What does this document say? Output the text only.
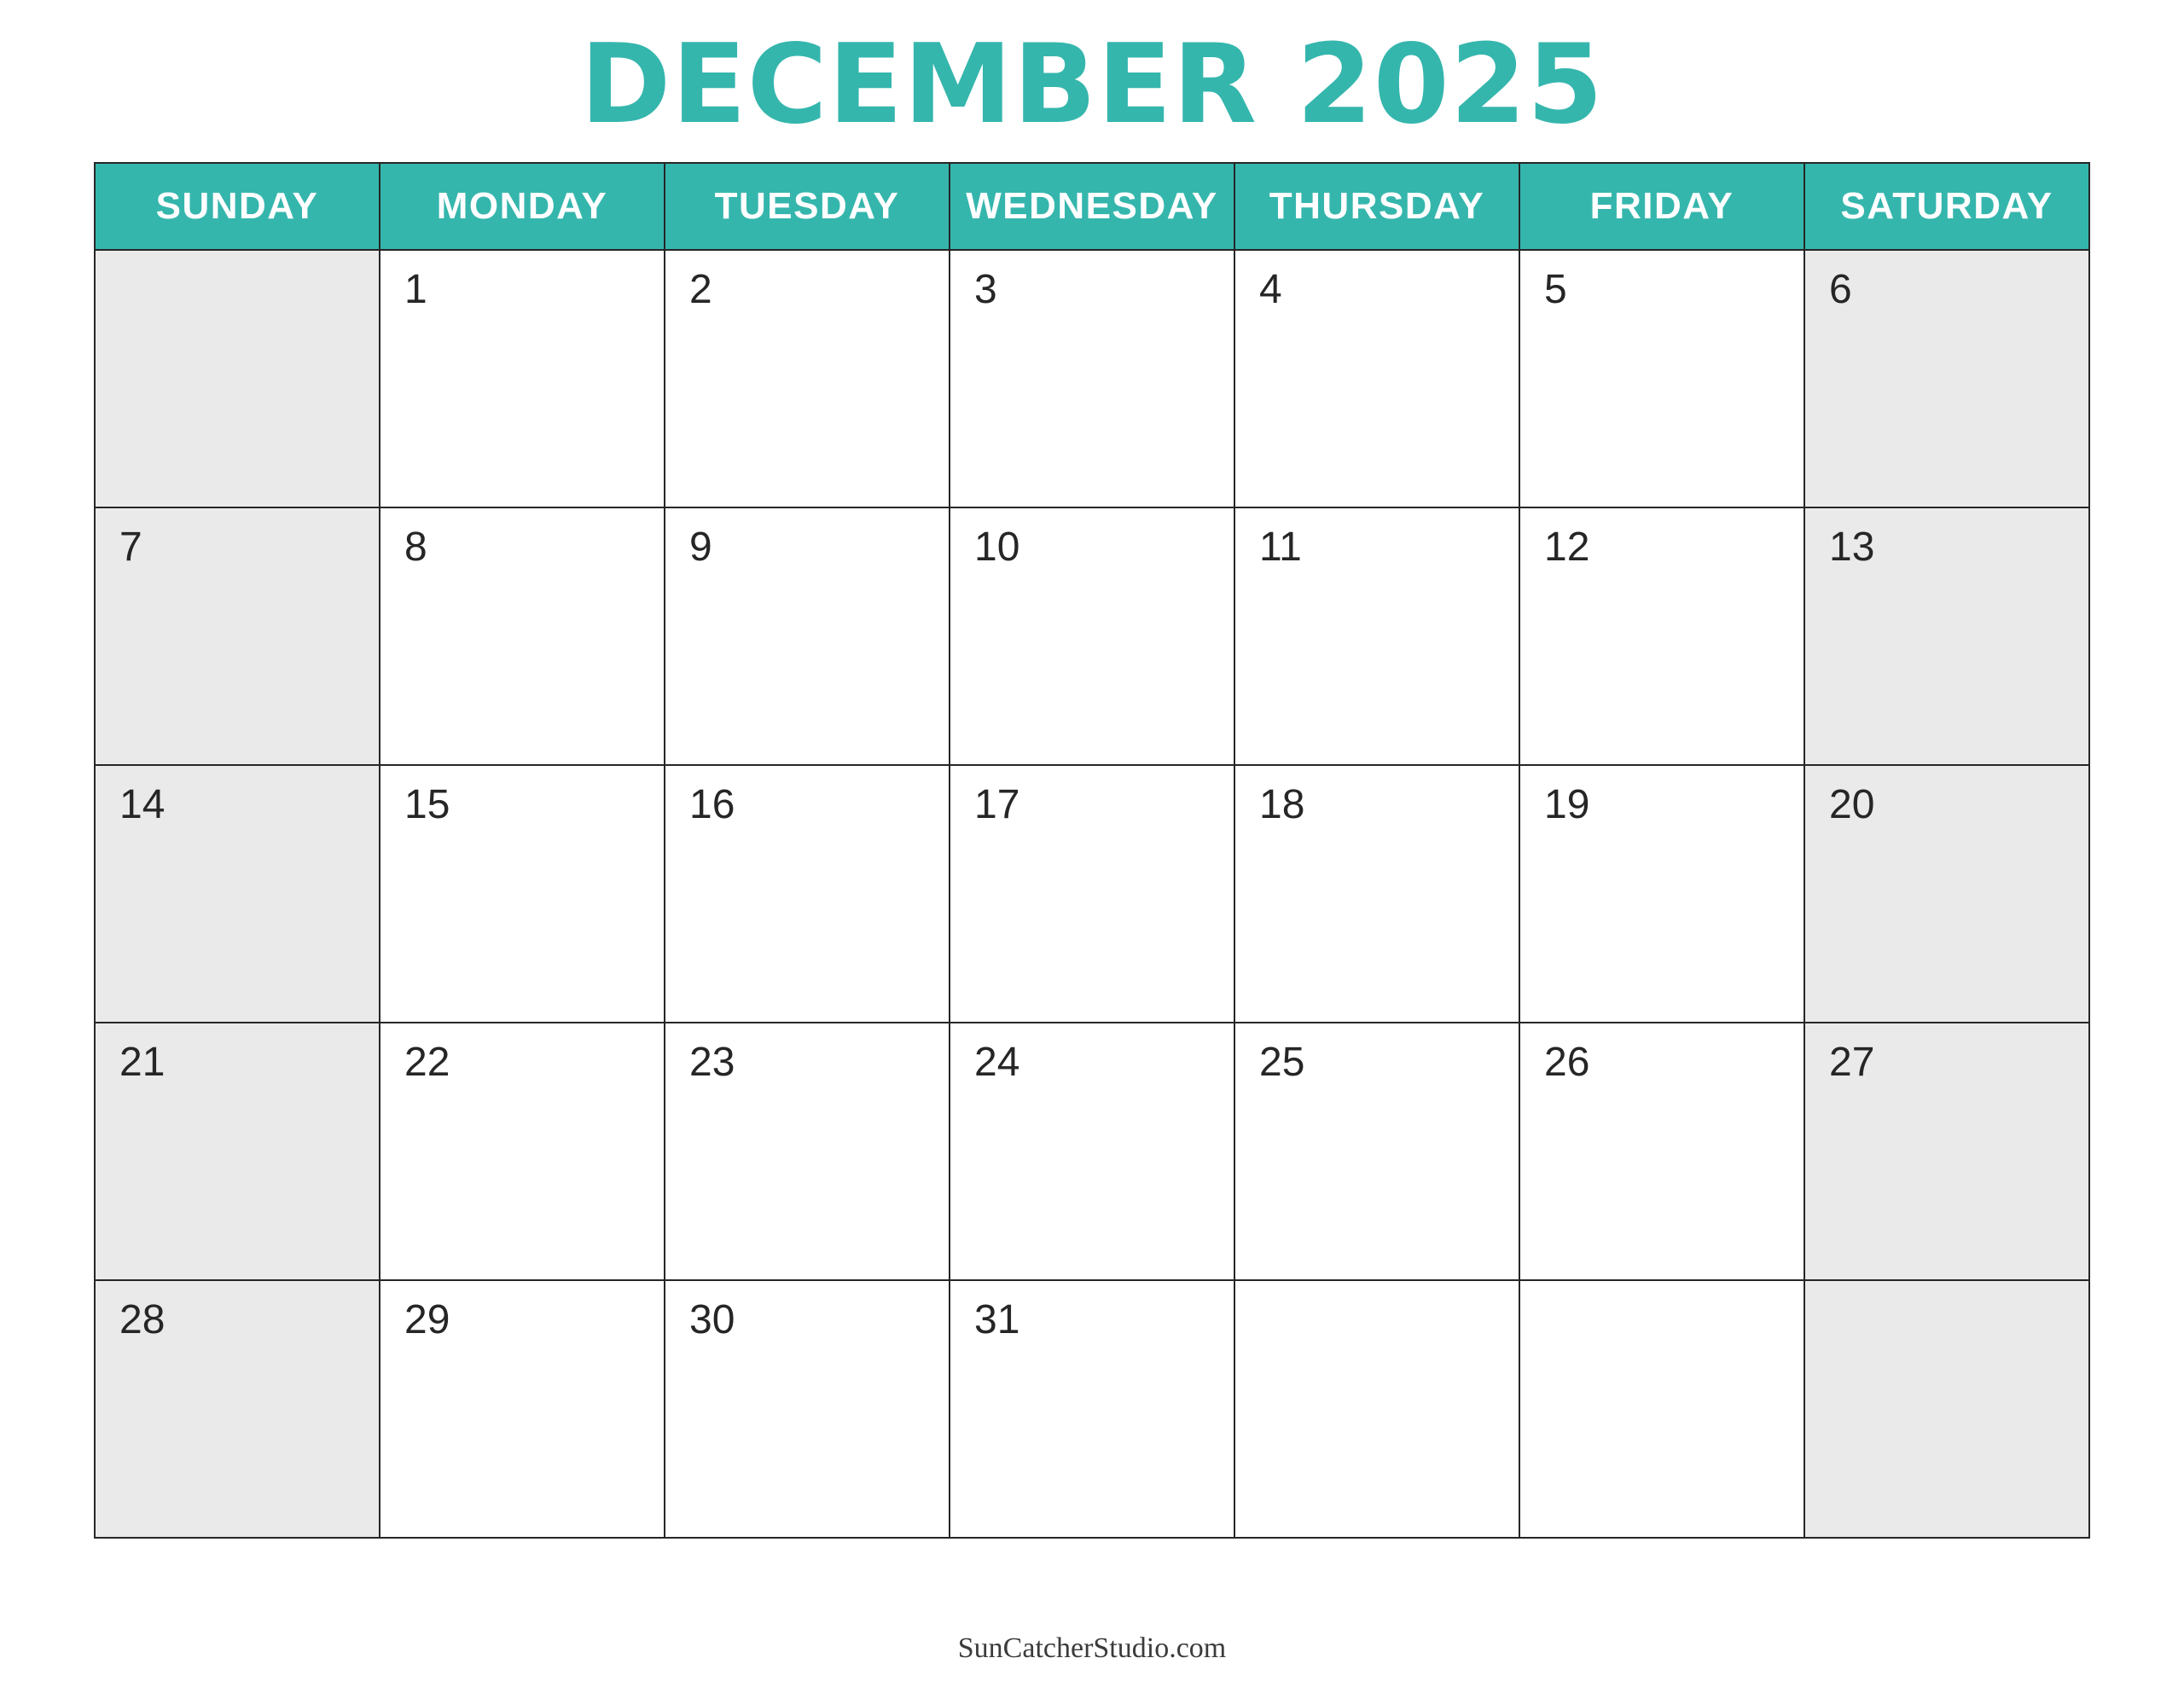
DECEMBER 2025
SUNDAY	MONDAY	TUESDAY	WEDNESDAY	THURSDAY	FRIDAY	SATURDAY

	1	2	3	4	5	6

7	8	9	10	11	12	13

14	15	16	17	18	19	20

21	22	23	24	25	26	27

28	29	30	31			

SunCatcherStudio.com
